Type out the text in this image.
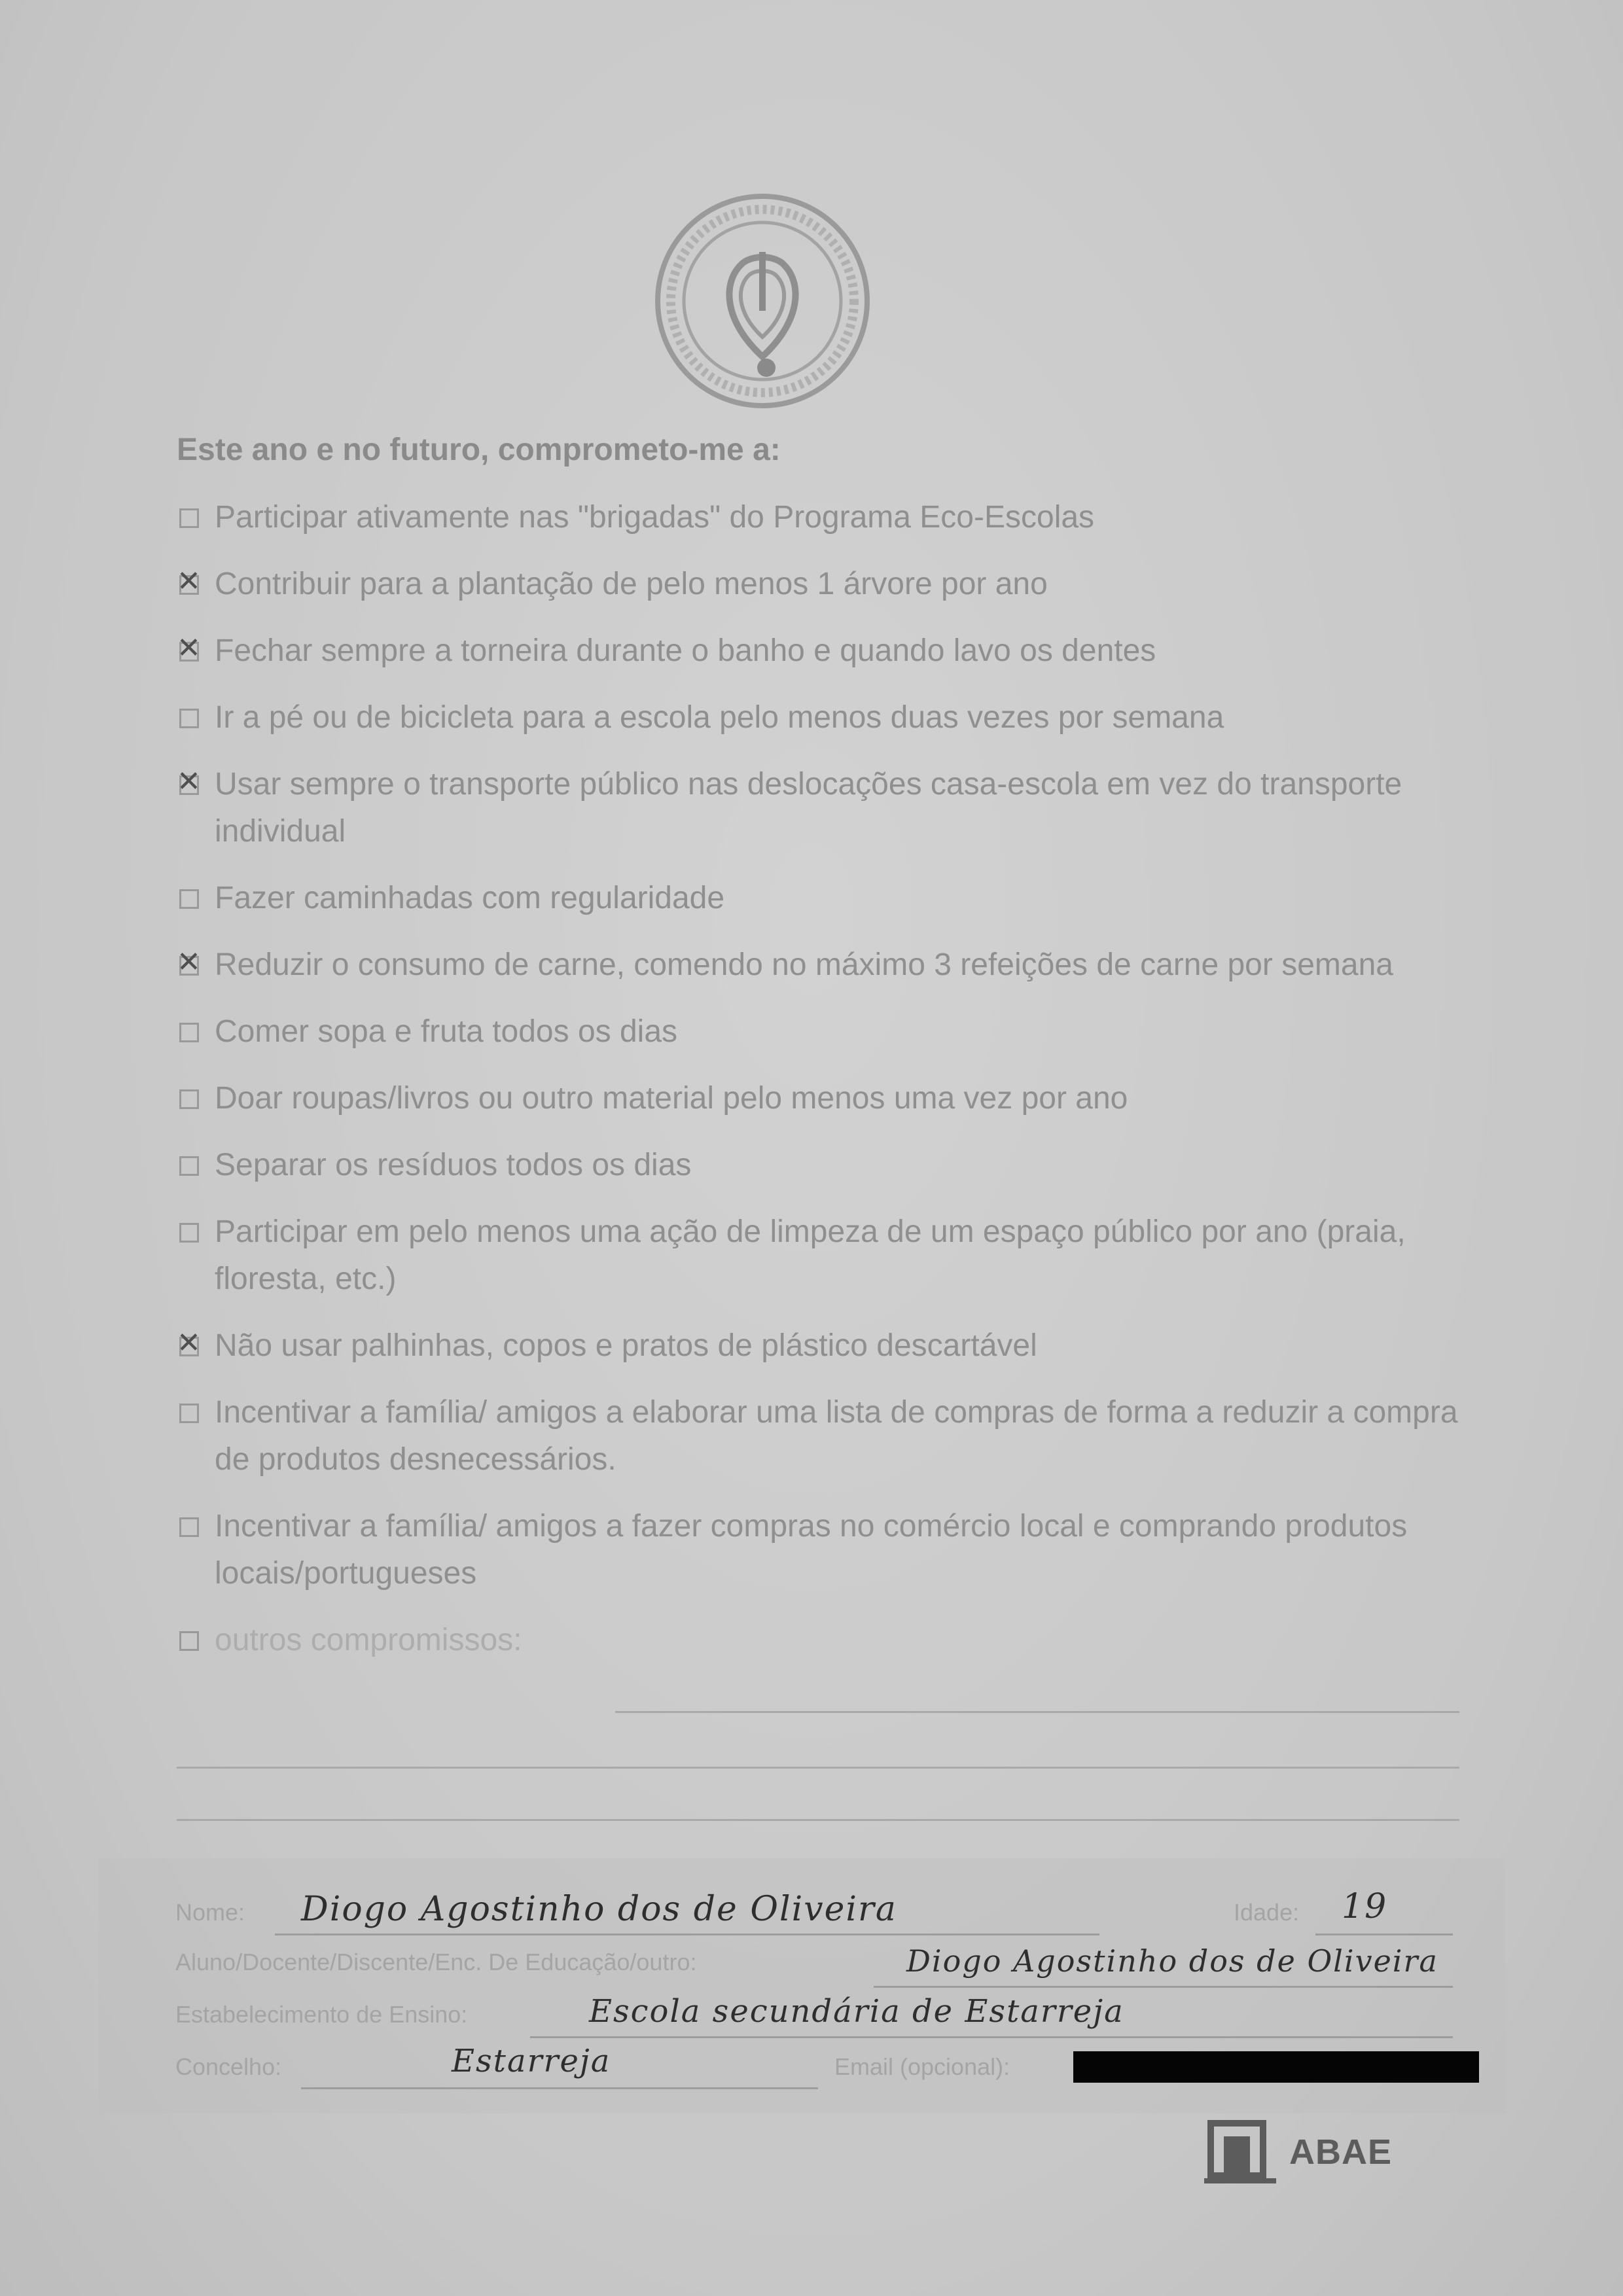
Este ano e no futuro, comprometo-me a:
Participar ativamente nas "brigadas" do Programa Eco-Escolas
✕
Contribuir para a plantação de pelo menos 1 árvore por ano
✕
Fechar sempre a torneira durante o banho e quando lavo os dentes
Ir a pé ou de bicicleta para a escola pelo menos duas vezes por semana
✕
Usar sempre o transporte público nas deslocações casa-escola em vez do transporte individual
Fazer caminhadas com regularidade
✕
Reduzir o consumo de carne, comendo no máximo 3 refeições de carne por semana
Comer sopa e fruta todos os dias
Doar roupas/livros ou outro material pelo menos uma vez por ano
Separar os resíduos todos os dias
Participar em pelo menos uma ação de limpeza de um espaço público por ano (praia, floresta, etc.)
✕
Não usar palhinhas, copos e pratos de plástico descartável
Incentivar a família/ amigos a elaborar uma lista de compras de forma a reduzir a compra de produtos desnecessários.
Incentivar a família/ amigos a fazer compras no comércio local e comprando produtos locais/portugueses
outros compromissos:
Nome: Diogo Agostinho dos de Oliveira	Idade: 19
Aluno/Docente/Discente/Enc. De Educação/outro:	Diogo Agostinho dos de Oliveira
Estabelecimento de Ensino:	Escola secundária de Estarreja
Concelho:	Estarreja	Email (opcional):
ABAE
